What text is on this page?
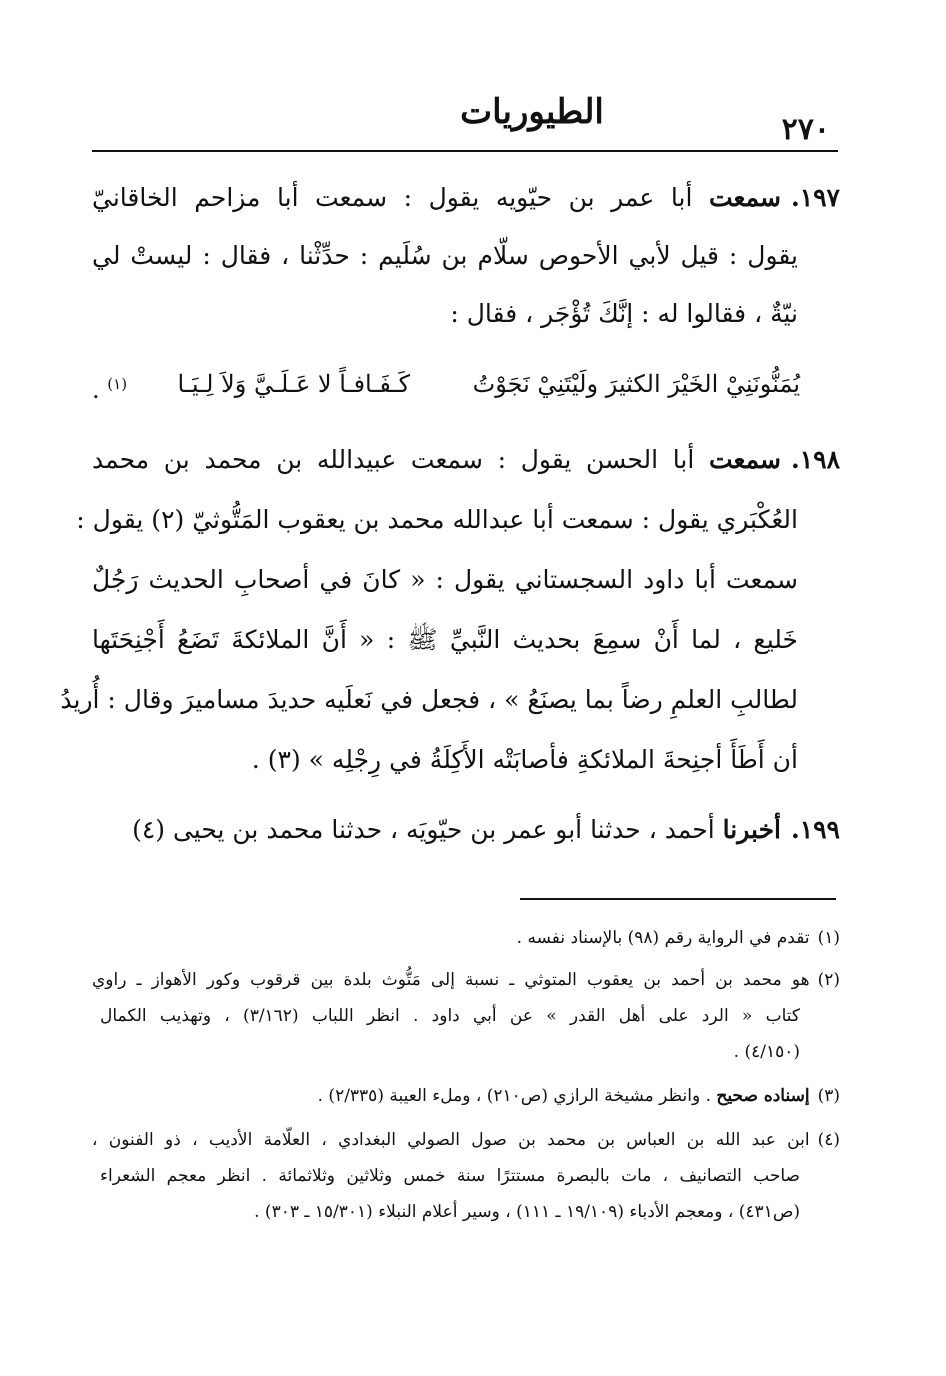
الطيوريات	٢٧٠
١٩٧.سمعت أبا عمر بن حيّويه يقول : سمعت أبا مزاحم الخاقانيّ
يقول : قيل لأبي الأحوص سلّام بن سُلَيم : حدِّثْنا ، فقال : ليستْ لي
نيّةٌ ، فقالوا له : إنَّكَ تُؤْجَر ، فقال :
يُمَنُّونَنِيْ الخَيْرَ الكثيرَ ولَيْتَنِيْ نَجَوْتُ
كَـفَـافـاً لا عَـلَـيَّ وَلاَ لِـيَـا
$^{(١)}$ .
١٩٨.سمعت أبا الحسن يقول : سمعت عبيدالله بن محمد بن محمد
العُكْبَري يقول : سمعت أبا عبدالله محمد بن يعقوب المَتُّوثيّ (٢) يقول :
سمعت أبا داود السجستاني يقول : « كانَ في أصحابِ الحديث رَجُلٌ
خَليع ، لما أَنْ سمِعَ بحديث النَّبيِّ ﷺ : « أَنَّ الملائكةَ تَضَعُ أَجْنِحَتَها
لطالبِ العلمِ رضاً بما يصنَعُ » ، فجعل في نَعلَيه حديدَ مساميرَ وقال : أُريدُ
أن أَطَأَ أجنِحةَ الملائكةِ فأصابَتْه الأَكِلَةُ في رِجْلِه » (٣) .
١٩٩.أخبرنا أحمد ، حدثنا أبو عمر بن حيّويَه ، حدثنا محمد بن يحيى (٤)
(١)تقدم في الرواية رقم (٩٨) بالإسناد نفسه .
(٢)هو محمد بن أحمد بن يعقوب المتوثي ـ نسبة إلى مَتُّوث بلدة بين قرقوب وكور الأهواز ـ راوي
كتاب « الرد على أهل القدر » عن أبي داود . انظر اللباب (٣/١٦٢) ، وتهذيب الكمال
(٤/١٥٠) .
(٣)إسناده صحيح . وانظر مشيخة الرازي (ص٢١٠) ، وملء العيبة (٢/٣٣٥) .
(٤)ابن عبد الله بن العباس بن محمد بن صول الصولي البغدادي ، العلّامة الأديب ، ذو الفنون ،
صاحب التصانيف ، مات بالبصرة مستترًا سنة خمس وثلاثين وثلاثمائة . انظر معجم الشعراء
(ص٤٣١) ، ومعجم الأدباء (١٩/١٠٩ ـ ١١١) ، وسير أعلام النبلاء (١٥/٣٠١ ـ ٣٠٣) .
